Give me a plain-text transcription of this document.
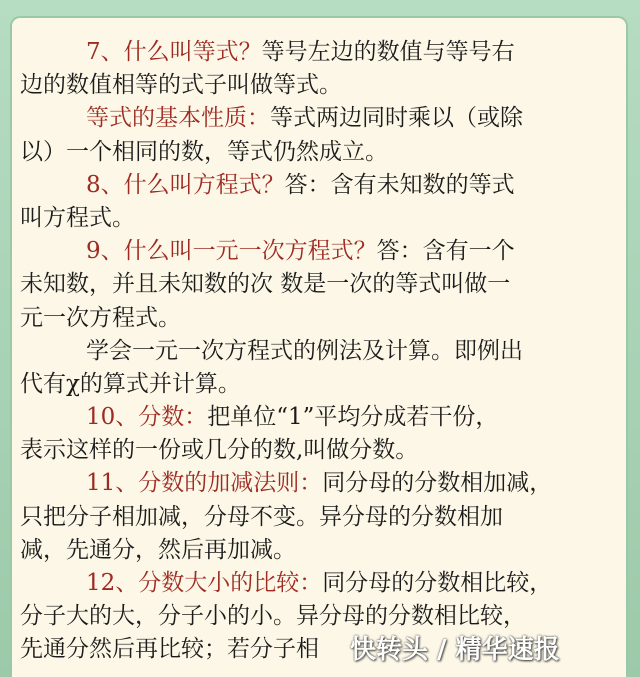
7、什么叫等式？等号左边的数值与等号右
边的数值相等的式子叫做等式。
等式的基本性质：等式两边同时乘以（或除
以）一个相同的数，等式仍然成立。
8、什么叫方程式？答：含有未知数的等式
叫方程式。
9、什么叫一元一次方程式？答：含有一个
未知数，并且未知数的次 数是一次的等式叫做一
元一次方程式。
学会一元一次方程式的例法及计算。即例出
代有χ的算式并计算。
10、分数：把单位“1”平均分成若干份，
表示这样的一份或几分的数,叫做分数。
11、分数的加减法则：同分母的分数相加减，
只把分子相加减，分母不变。异分母的分数相加
减，先通分，然后再加减。
12、分数大小的比较：同分母的分数相比较，
分子大的大，分子小的小。异分母的分数相比较，
先通分然后再比较；若分子相	快转头 / 精华速报
